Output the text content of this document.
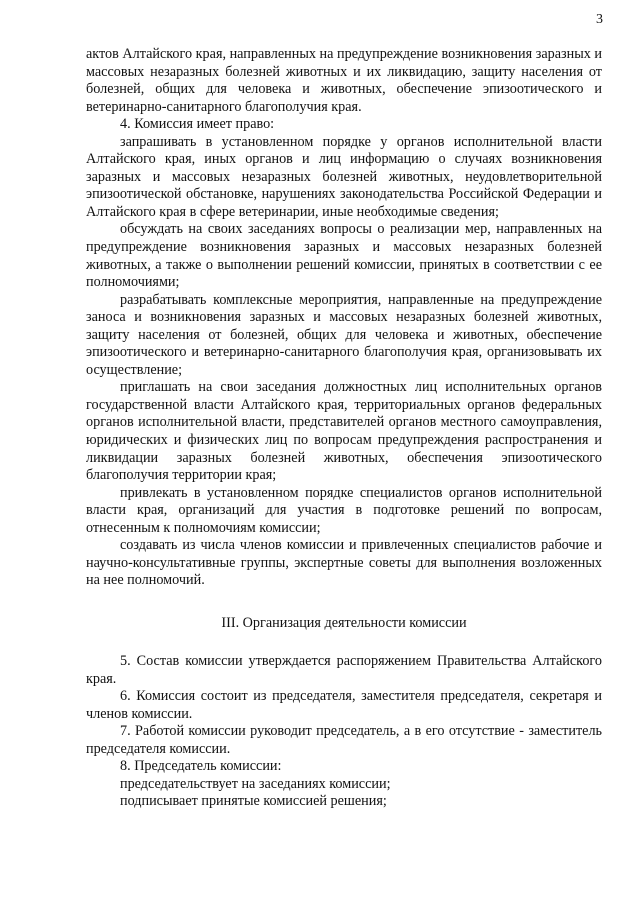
3

актов Алтайского края, направленных на предупреждение возникновения заразных и массовых незаразных болезней животных и их ликвидацию, защиту населения от болезней, общих для человека и животных, обеспечение эпизоотического и ветеринарно-санитарного благополучия края.

4. Комиссия имеет право:

запрашивать в установленном порядке у органов исполнительной власти Алтайского края, иных органов и лиц информацию о случаях возникновения заразных и массовых незаразных болезней животных, неудовлетворительной эпизоотической обстановке, нарушениях законодательства Российской Федерации и Алтайского края в сфере ветеринарии, иные необходимые сведения;

обсуждать на своих заседаниях вопросы о реализации мер, направленных на предупреждение возникновения заразных и массовых незаразных болезней животных, а также о выполнении решений комиссии, принятых в соответствии с ее полномочиями;

разрабатывать комплексные мероприятия, направленные на предупреждение заноса и возникновения заразных и массовых незаразных болезней животных, защиту населения от болезней, общих для человека и животных, обеспечение эпизоотического и ветеринарно-санитарного благополучия края, организовывать их осуществление;

приглашать на свои заседания должностных лиц исполнительных органов государственной власти Алтайского края, территориальных органов федеральных органов исполнительной власти, представителей органов местного самоуправления, юридических и физических лиц по вопросам предупреждения распространения и ликвидации заразных болезней животных, обеспечения эпизоотического благополучия территории края;

привлекать в установленном порядке специалистов органов исполнительной власти края, организаций для участия в подготовке решений по вопросам, отнесенным к полномочиям комиссии;

создавать из числа членов комиссии и привлеченных специалистов рабочие и научно-консультативные группы, экспертные советы для выполнения возложенных на нее полномочий.

III. Организация деятельности комиссии

5. Состав комиссии утверждается распоряжением Правительства Алтайского края.

6. Комиссия состоит из председателя, заместителя председателя, секретаря и членов комиссии.

7. Работой комиссии руководит председатель, а в его отсутствие - заместитель председателя комиссии.

8. Председатель комиссии:

председательствует на заседаниях комиссии;

подписывает принятые комиссией решения;
